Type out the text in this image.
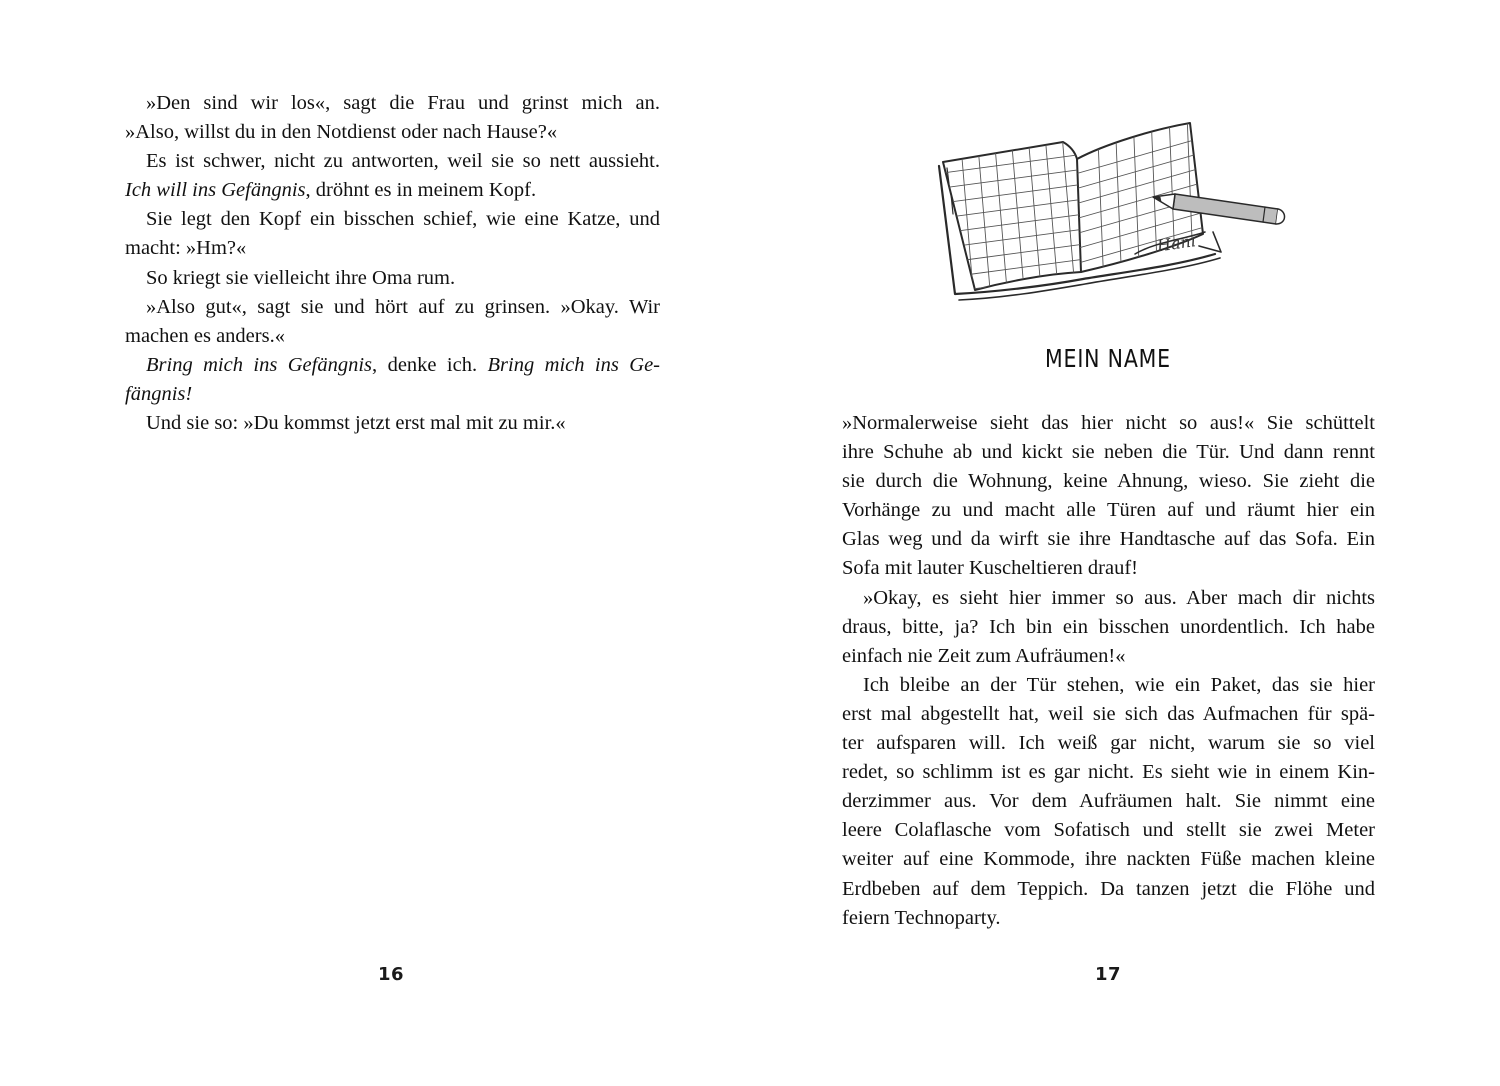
»Den sind wir los«, sagt die Frau und grinst mich an.
»Also, willst du in den Notdienst oder nach Hause?«
Es ist schwer, nicht zu antworten, weil sie so nett aussieht.
Ich will ins Gefängnis, dröhnt es in meinem Kopf.
Sie legt den Kopf ein bisschen schief, wie eine Katze, und
macht: »Hm?«
So kriegt sie vielleicht ihre Oma rum.
»Also gut«, sagt sie und hört auf zu grinsen. »Okay. Wir
machen es anders.«
Bring mich ins Gefängnis, denke ich. Bring mich ins Ge-
fängnis!
Und sie so: »Du kommst jetzt erst mal mit zu mir.«
16
Hani
MEIN NAME
»Normalerweise sieht das hier nicht so aus!« Sie schüttelt
ihre Schuhe ab und kickt sie neben die Tür. Und dann rennt
sie durch die Wohnung, keine Ahnung, wieso. Sie zieht die
Vorhänge zu und macht alle Türen auf und räumt hier ein
Glas weg und da wirft sie ihre Handtasche auf das Sofa. Ein
Sofa mit lauter Kuscheltieren drauf!
»Okay, es sieht hier immer so aus. Aber mach dir nichts
draus, bitte, ja? Ich bin ein bisschen unordentlich. Ich habe
einfach nie Zeit zum Aufräumen!«
Ich bleibe an der Tür stehen, wie ein Paket, das sie hier
erst mal abgestellt hat, weil sie sich das Aufmachen für spä-
ter aufsparen will. Ich weiß gar nicht, warum sie so viel
redet, so schlimm ist es gar nicht. Es sieht wie in einem Kin-
derzimmer aus. Vor dem Aufräumen halt. Sie nimmt eine
leere Colaflasche vom Sofatisch und stellt sie zwei Meter
weiter auf eine Kommode, ihre nackten Füße machen kleine
Erdbeben auf dem Teppich. Da tanzen jetzt die Flöhe und
feiern Technoparty.
17
